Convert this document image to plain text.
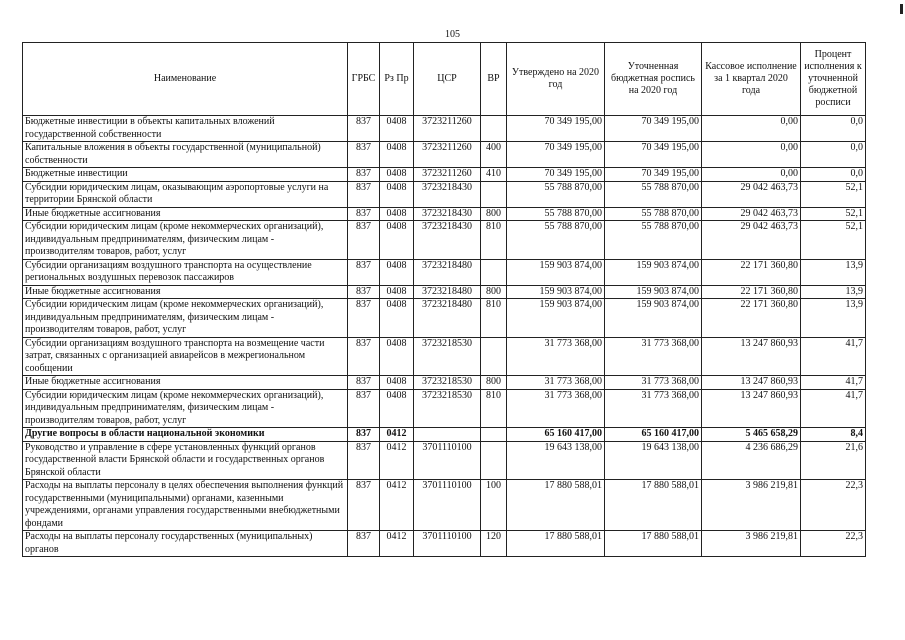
105
Наименование	ГРБС	Рз Пр	ЦСР	ВР	Утверждено на 2020 год	Уточненная бюджетная роспись на 2020 год	Кассовое исполнение за 1 квартал 2020 года	Процент исполнения к уточненной бюджетной росписи
Бюджетные инвестиции в объекты капитальных вложений государственной собственности	837	0408	3723211260		70 349 195,00	70 349 195,00	0,00	0,0
Капитальные вложения в объекты государственной (муниципальной) собственности	837	0408	3723211260	400	70 349 195,00	70 349 195,00	0,00	0,0
Бюджетные инвестиции	837	0408	3723211260	410	70 349 195,00	70 349 195,00	0,00	0,0
Субсидии юридическим лицам, оказывающим аэропортовые услуги на территории Брянской области	837	0408	3723218430		55 788 870,00	55 788 870,00	29 042 463,73	52,1
Иные бюджетные ассигнования	837	0408	3723218430	800	55 788 870,00	55 788 870,00	29 042 463,73	52,1
Субсидии юридическим лицам (кроме некоммерческих организаций), индивидуальным предпринимателям, физическим лицам - производителям товаров, работ, услуг	837	0408	3723218430	810	55 788 870,00	55 788 870,00	29 042 463,73	52,1
Субсидии организациям воздушного транспорта на осуществление региональных воздушных перевозок пассажиров	837	0408	3723218480		159 903 874,00	159 903 874,00	22 171 360,80	13,9
Иные бюджетные ассигнования	837	0408	3723218480	800	159 903 874,00	159 903 874,00	22 171 360,80	13,9
Субсидии юридическим лицам (кроме некоммерческих организаций), индивидуальным предпринимателям, физическим лицам - производителям товаров, работ, услуг	837	0408	3723218480	810	159 903 874,00	159 903 874,00	22 171 360,80	13,9
Субсидии организациям воздушного транспорта на возмещение части затрат, связанных с организацией авиарейсов в межрегиональном сообщении	837	0408	3723218530		31 773 368,00	31 773 368,00	13 247 860,93	41,7
Иные бюджетные ассигнования	837	0408	3723218530	800	31 773 368,00	31 773 368,00	13 247 860,93	41,7
Субсидии юридическим лицам (кроме некоммерческих организаций), индивидуальным предпринимателям, физическим лицам - производителям товаров, работ, услуг	837	0408	3723218530	810	31 773 368,00	31 773 368,00	13 247 860,93	41,7
Другие вопросы в области национальной экономики	837	0412			65 160 417,00	65 160 417,00	5 465 658,29	8,4
Руководство и управление в сфере установленных функций органов государственной власти Брянской области и государственных органов Брянской области	837	0412	3701110100		19 643 138,00	19 643 138,00	4 236 686,29	21,6
Расходы на выплаты персоналу в целях обеспечения выполнения функций государственными (муниципальными) органами, казенными учреждениями, органами управления государственными внебюджетными фондами	837	0412	3701110100	100	17 880 588,01	17 880 588,01	3 986 219,81	22,3
Расходы на выплаты персоналу государственных (муниципальных) органов	837	0412	3701110100	120	17 880 588,01	17 880 588,01	3 986 219,81	22,3
